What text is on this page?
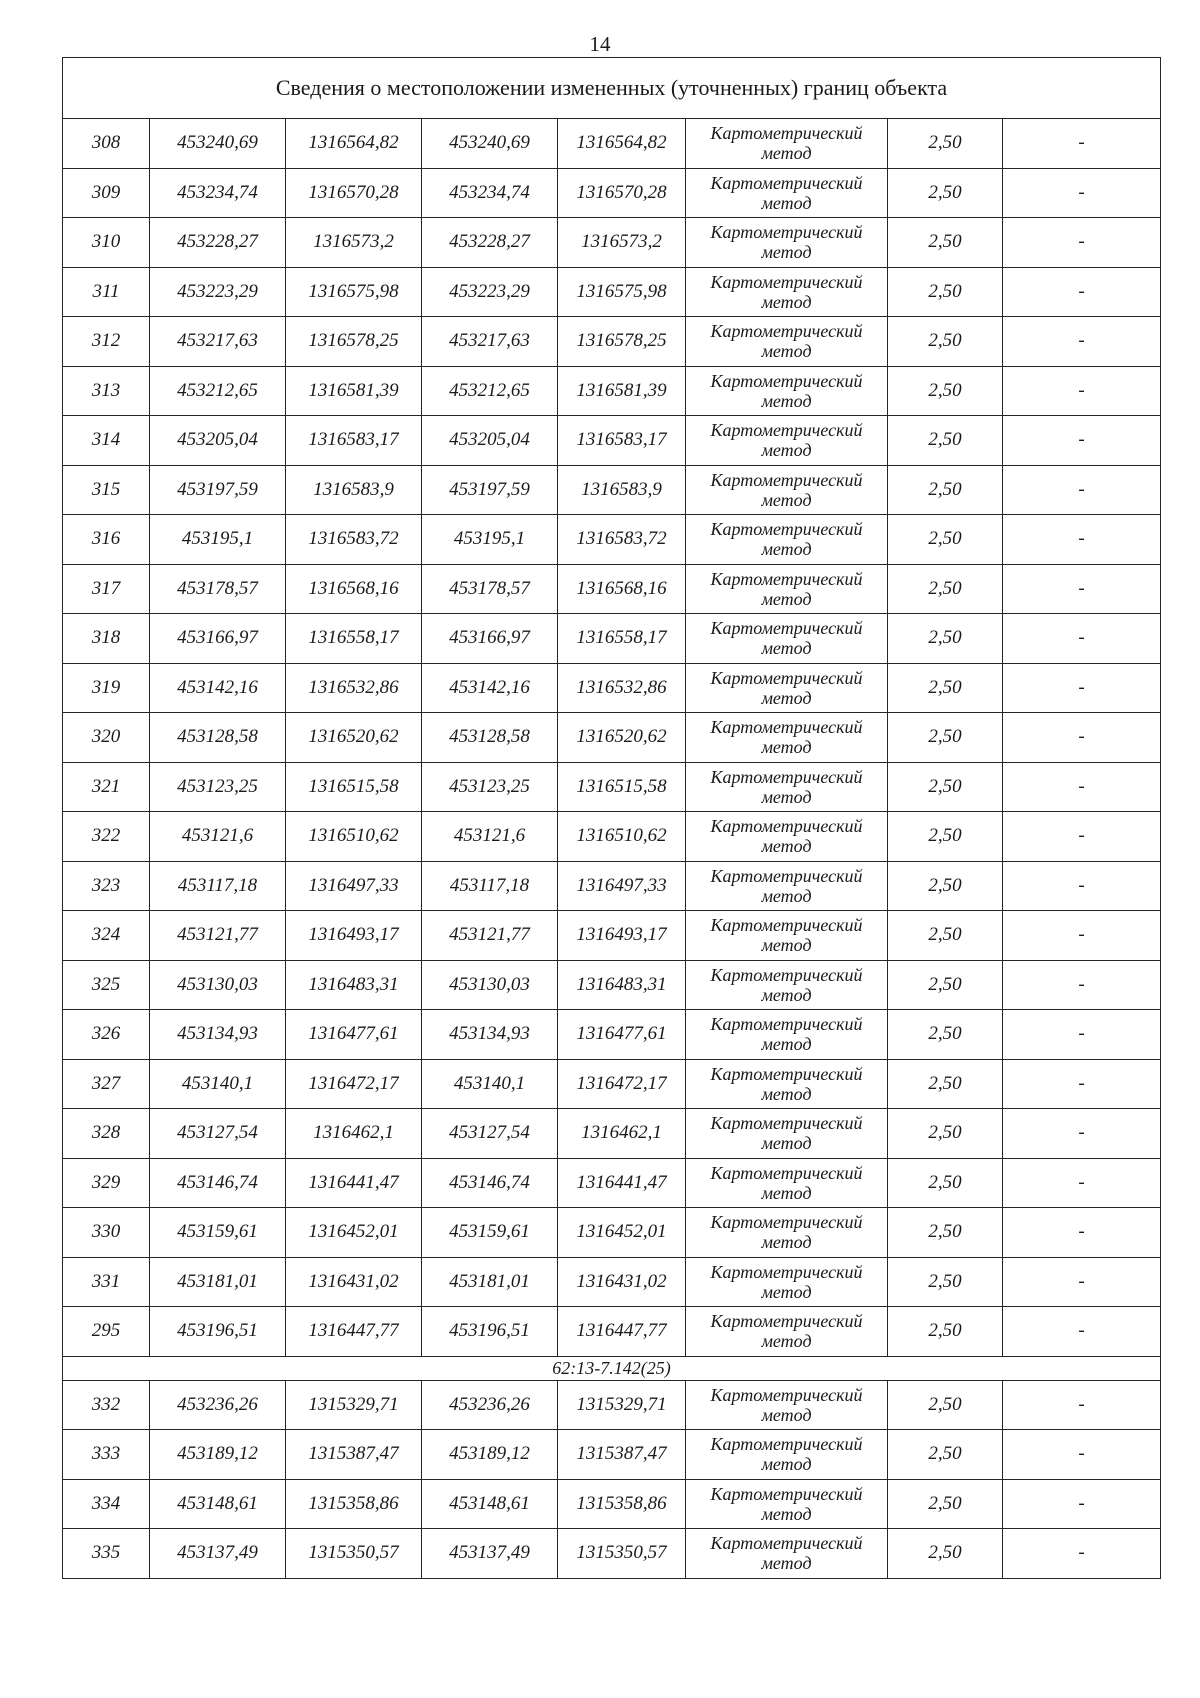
14
Сведения о местоположении измененных (уточненных) границ объекта							
308	453240,69	1316564,82	453240,69	1316564,82	Картометрический метод	2,50	-
309	453234,74	1316570,28	453234,74	1316570,28	Картометрический метод	2,50	-
310	453228,27	1316573,2	453228,27	1316573,2	Картометрический метод	2,50	-
311	453223,29	1316575,98	453223,29	1316575,98	Картометрический метод	2,50	-
312	453217,63	1316578,25	453217,63	1316578,25	Картометрический метод	2,50	-
313	453212,65	1316581,39	453212,65	1316581,39	Картометрический метод	2,50	-
314	453205,04	1316583,17	453205,04	1316583,17	Картометрический метод	2,50	-
315	453197,59	1316583,9	453197,59	1316583,9	Картометрический метод	2,50	-
316	453195,1	1316583,72	453195,1	1316583,72	Картометрический метод	2,50	-
317	453178,57	1316568,16	453178,57	1316568,16	Картометрический метод	2,50	-
318	453166,97	1316558,17	453166,97	1316558,17	Картометрический метод	2,50	-
319	453142,16	1316532,86	453142,16	1316532,86	Картометрический метод	2,50	-
320	453128,58	1316520,62	453128,58	1316520,62	Картометрический метод	2,50	-
321	453123,25	1316515,58	453123,25	1316515,58	Картометрический метод	2,50	-
322	453121,6	1316510,62	453121,6	1316510,62	Картометрический метод	2,50	-
323	453117,18	1316497,33	453117,18	1316497,33	Картометрический метод	2,50	-
324	453121,77	1316493,17	453121,77	1316493,17	Картометрический метод	2,50	-
325	453130,03	1316483,31	453130,03	1316483,31	Картометрический метод	2,50	-
326	453134,93	1316477,61	453134,93	1316477,61	Картометрический метод	2,50	-
327	453140,1	1316472,17	453140,1	1316472,17	Картометрический метод	2,50	-
328	453127,54	1316462,1	453127,54	1316462,1	Картометрический метод	2,50	-
329	453146,74	1316441,47	453146,74	1316441,47	Картометрический метод	2,50	-
330	453159,61	1316452,01	453159,61	1316452,01	Картометрический метод	2,50	-
331	453181,01	1316431,02	453181,01	1316431,02	Картометрический метод	2,50	-
295	453196,51	1316447,77	453196,51	1316447,77	Картометрический метод	2,50	-
62:13-7.142(25)							
332	453236,26	1315329,71	453236,26	1315329,71	Картометрический метод	2,50	-
333	453189,12	1315387,47	453189,12	1315387,47	Картометрический метод	2,50	-
334	453148,61	1315358,86	453148,61	1315358,86	Картометрический метод	2,50	-
335	453137,49	1315350,57	453137,49	1315350,57	Картометрический метод	2,50	-
